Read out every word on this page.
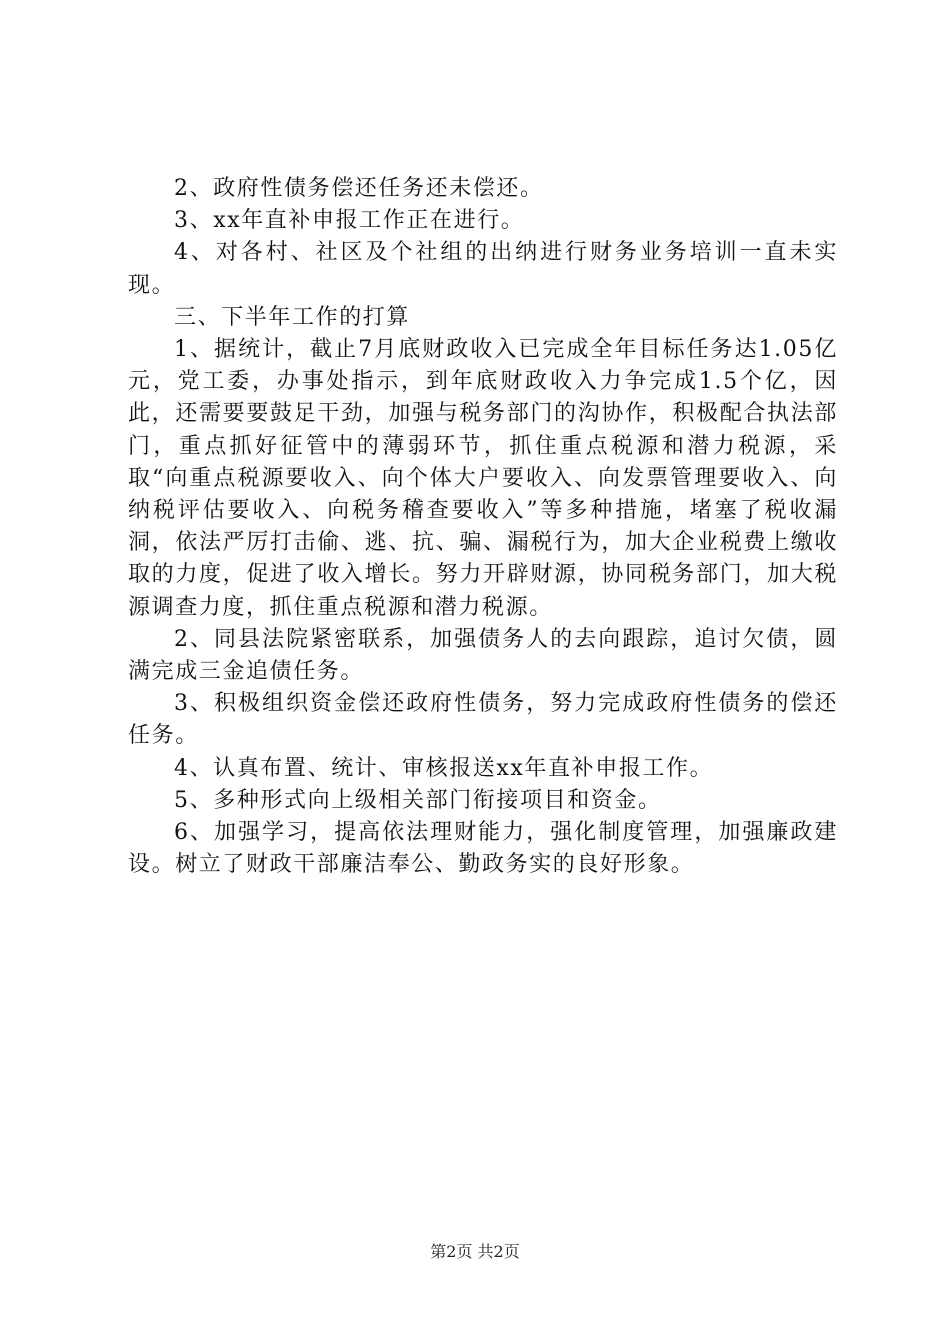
2、政府性债务偿还任务还未偿还。

3、xx年直补申报工作正在进行。

4、对各村、社区及个社组的出纳进行财务业务培训一直未实现。

三、下半年工作的打算

1、据统计，截止7月底财政收入已完成全年目标任务达1.05亿元，党工委，办事处指示，到年底财政收入力争完成1.5个亿，因此，还需要要鼓足干劲，加强与税务部门的沟协作，积极配合执法部门，重点抓好征管中的薄弱环节，抓住重点税源和潜力税源，采取“向重点税源要收入、向个体大户要收入、向发票管理要收入、向纳税评估要收入、向税务稽查要收入”等多种措施，堵塞了税收漏洞，依法严厉打击偷、逃、抗、骗、漏税行为，加大企业税费上缴收取的力度，促进了收入增长。努力开辟财源，协同税务部门，加大税源调查力度，抓住重点税源和潜力税源。

2、同县法院紧密联系，加强债务人的去向跟踪，追讨欠债，圆满完成三金追债任务。

3、积极组织资金偿还政府性债务，努力完成政府性债务的偿还任务。

4、认真布置、统计、审核报送xx年直补申报工作。

5、多种形式向上级相关部门衔接项目和资金。

6、加强学习，提高依法理财能力，强化制度管理，加强廉政建设。树立了财政干部廉洁奉公、勤政务实的良好形象。

第2页 共2页
